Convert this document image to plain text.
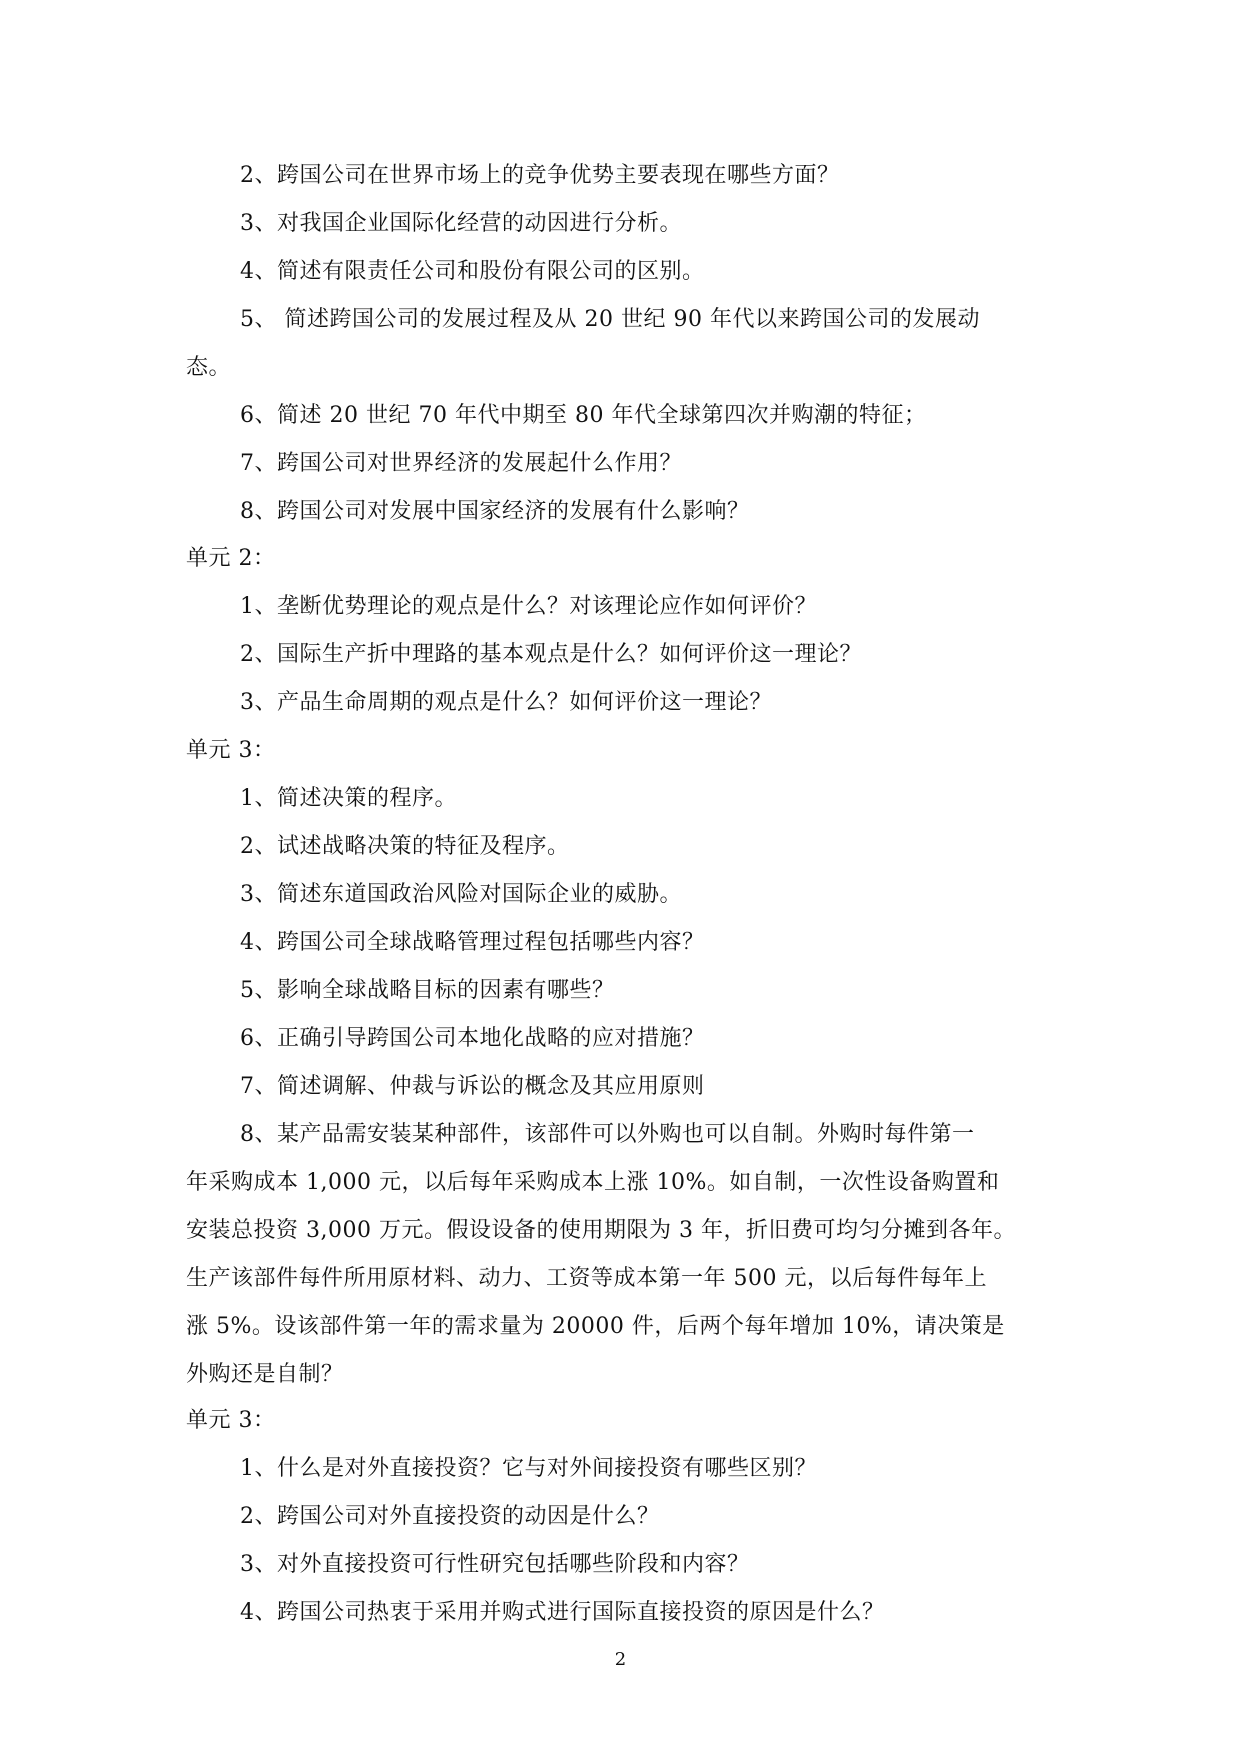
2、跨国公司在世界市场上的竞争优势主要表现在哪些方面？
3、对我国企业国际化经营的动因进行分析。
4、简述有限责任公司和股份有限公司的区别。
5、 简述跨国公司的发展过程及从 20 世纪 90 年代以来跨国公司的发展动
态。
6、简述 20 世纪 70 年代中期至 80 年代全球第四次并购潮的特征；
7、跨国公司对世界经济的发展起什么作用？
8、跨国公司对发展中国家经济的发展有什么影响？
单元 2：
1、垄断优势理论的观点是什么？对该理论应作如何评价？
2、国际生产折中理路的基本观点是什么？如何评价这一理论？
3、产品生命周期的观点是什么？如何评价这一理论？
单元 3：
1、简述决策的程序。
2、试述战略决策的特征及程序。
3、简述东道国政治风险对国际企业的威胁。
4、跨国公司全球战略管理过程包括哪些内容？
5、影响全球战略目标的因素有哪些？
6、正确引导跨国公司本地化战略的应对措施？
7、简述调解、仲裁与诉讼的概念及其应用原则
8、某产品需安装某种部件，该部件可以外购也可以自制。外购时每件第一
年采购成本 1,000 元，以后每年采购成本上涨 10%。如自制，一次性设备购置和
安装总投资 3,000 万元。假设设备的使用期限为 3 年，折旧费可均匀分摊到各年。
生产该部件每件所用原材料、动力、工资等成本第一年 500 元，以后每件每年上
涨 5%。设该部件第一年的需求量为 20000 件，后两个每年增加 10%，请决策是
外购还是自制？
单元 3：
1、什么是对外直接投资？它与对外间接投资有哪些区别？
2、跨国公司对外直接投资的动因是什么？
3、对外直接投资可行性研究包括哪些阶段和内容？
4、跨国公司热衷于采用并购式进行国际直接投资的原因是什么？
2
